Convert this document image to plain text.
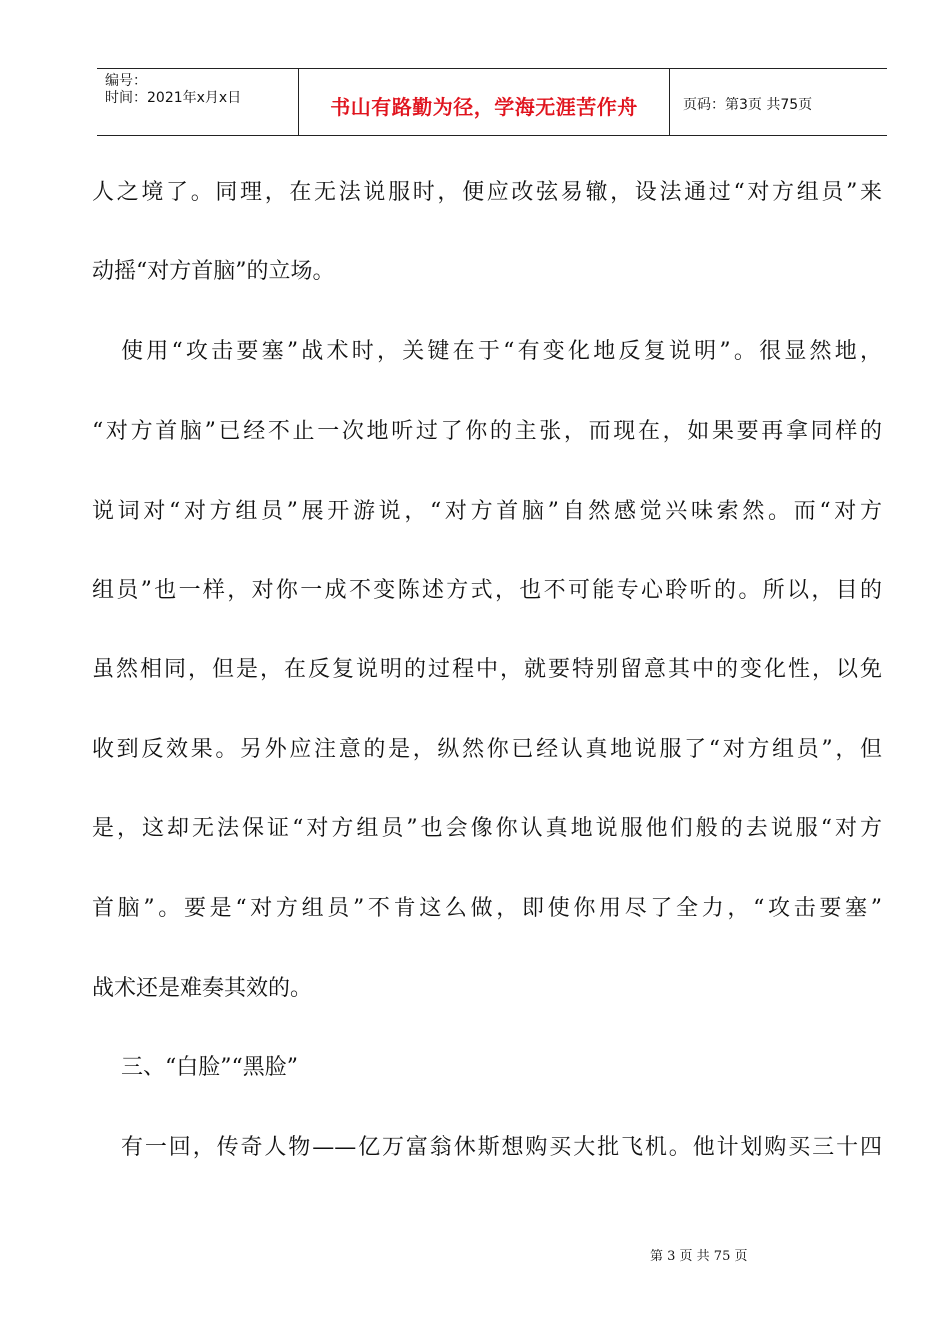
编号：
时间：2021年x月x日	书山有路勤为径，学海无涯苦作舟	页码：第3页 共75页
人之境了。同理，在无法说服时，便应改弦易辙，设法通过“对方组员”来
动摇“对方首脑”的立场。
使用“攻击要塞”战术时，关键在于“有变化地反复说明”。很显然地，
“对方首脑”已经不止一次地听过了你的主张，而现在，如果要再拿同样的
说词对“对方组员”展开游说，“对方首脑”自然感觉兴味索然。而“对方
组员”也一样，对你一成不变陈述方式，也不可能专心聆听的。所以，目的
虽然相同，但是，在反复说明的过程中，就要特别留意其中的变化性，以免
收到反效果。另外应注意的是，纵然你已经认真地说服了“对方组员”，但
是，这却无法保证“对方组员”也会像你认真地说服他们般的去说服“对方
首脑”。要是“对方组员”不肯这么做，即使你用尽了全力，“攻击要塞”
战术还是难奏其效的。
三、“白脸”“黑脸”
有一回，传奇人物——亿万富翁休斯想购买大批飞机。他计划购买三十四
第 3 页 共 75 页
